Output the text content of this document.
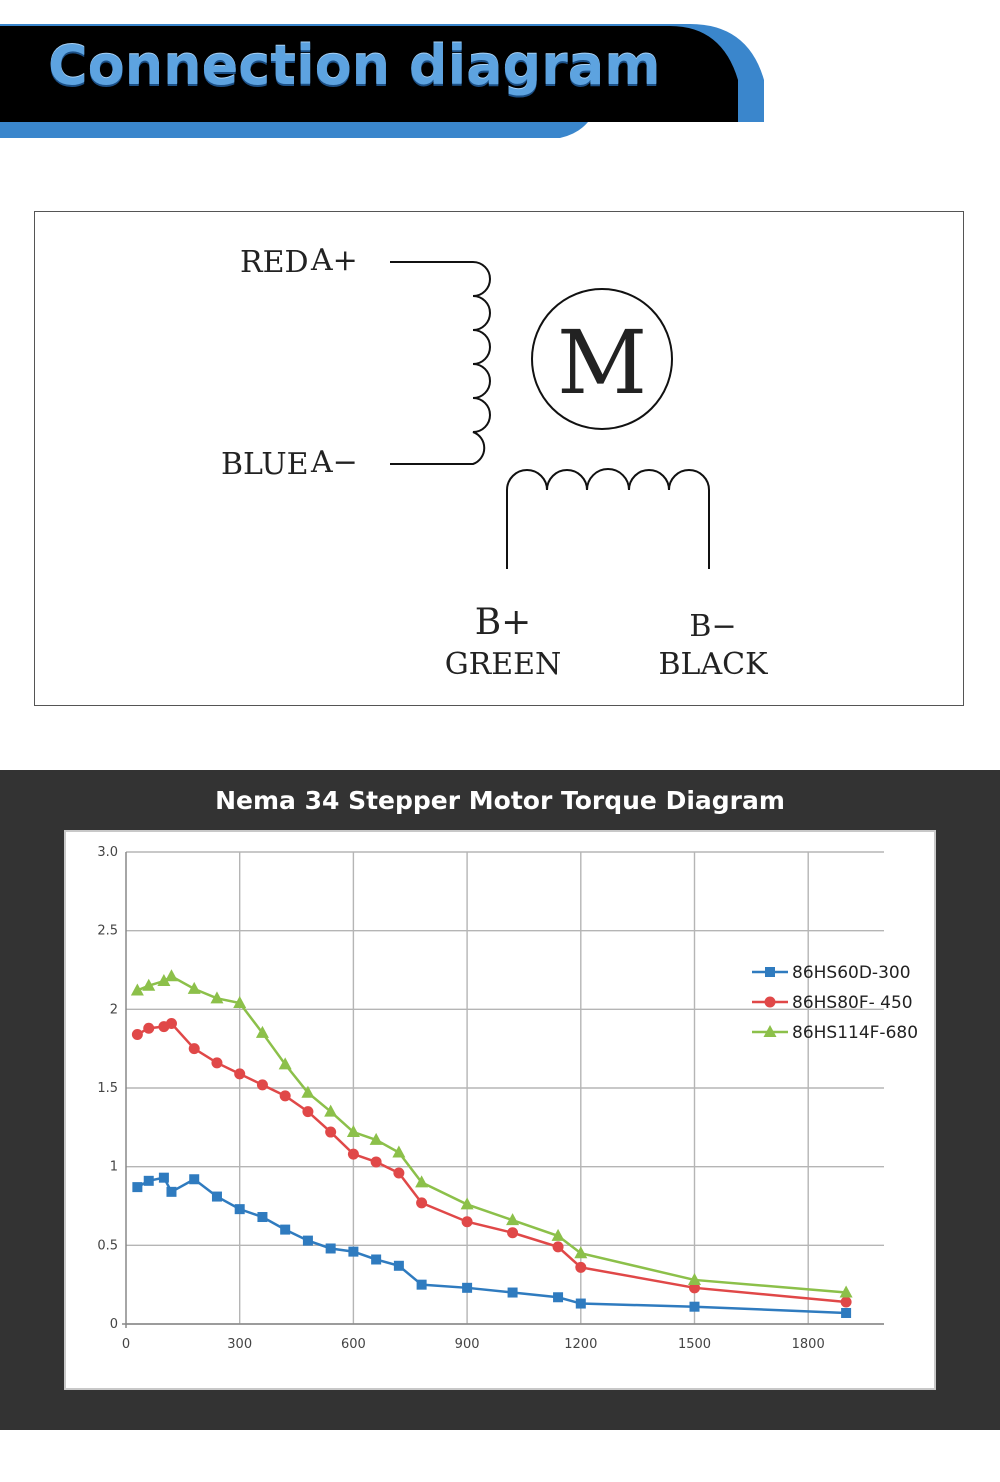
Connection diagram
M
RED A+
BLUE A−
B+
GREEN
B−
BLACK
Nema 34 Stepper Motor Torque Diagram
0
0.5
1
1.5
2
2.5
3.0
0	300	600	900	1200	1500	1800
86HS60D-300
86HS80F- 450
86HS114F-680
